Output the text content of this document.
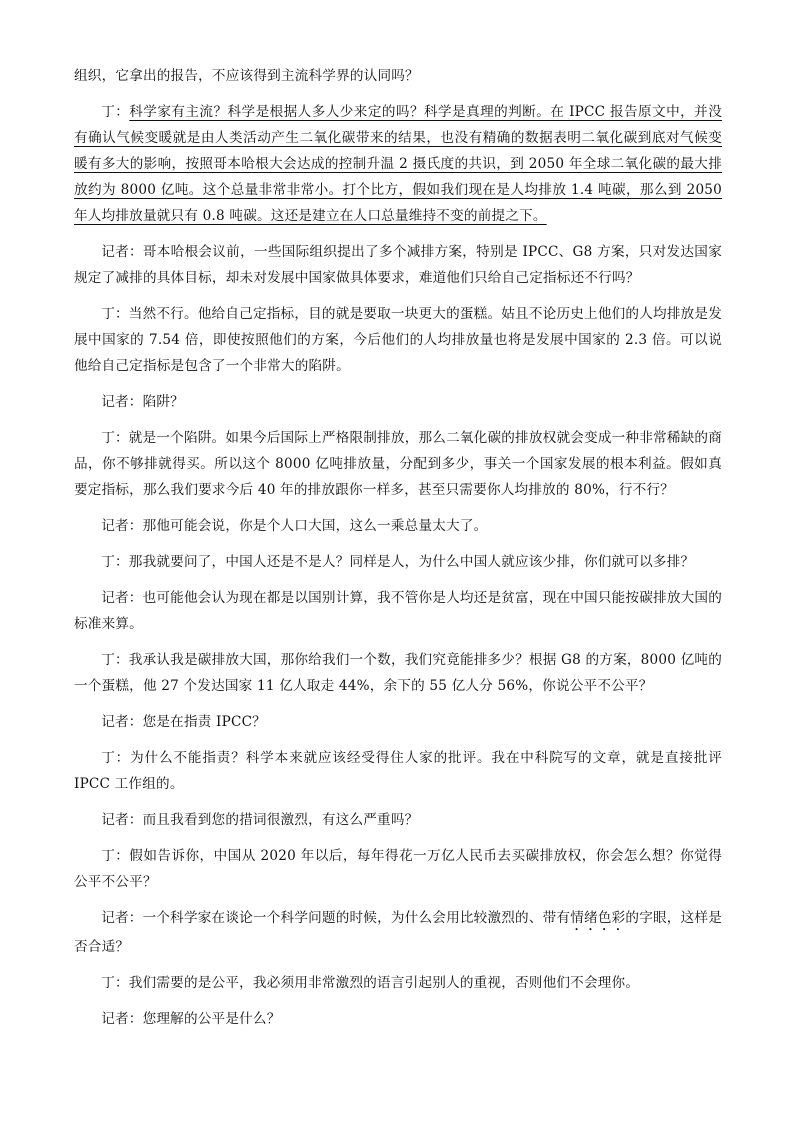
组织，它拿出的报告，不应该得到主流科学界的认同吗？

丁：科学家有主流？科学是根据人多人少来定的吗？科学是真理的判断。在 IPCC 报告原文中，并没有确认气候变暖就是由人类活动产生二氧化碳带来的结果，也没有精确的数据表明二氧化碳到底对气候变暖有多大的影响，按照哥本哈根大会达成的控制升温 2 摄氏度的共识，到 2050 年全球二氧化碳的最大排放约为 8000 亿吨。这个总量非常非常小。打个比方，假如我们现在是人均排放 1.4 吨碳，那么到 2050 年人均排放量就只有 0.8 吨碳。这还是建立在人口总量维持不变的前提之下。

记者：哥本哈根会议前，一些国际组织提出了多个减排方案，特别是 IPCC、G8 方案，只对发达国家规定了减排的具体目标，却未对发展中国家做具体要求，难道他们只给自己定指标还不行吗？

丁：当然不行。他给自己定指标，目的就是要取一块更大的蛋糕。姑且不论历史上他们的人均排放是发展中国家的 7.54 倍，即使按照他们的方案，今后他们的人均排放量也将是发展中国家的 2.3 倍。可以说他给自己定指标是包含了一个非常大的陷阱。

记者：陷阱？

丁：就是一个陷阱。如果今后国际上严格限制排放，那么二氧化碳的排放权就会变成一种非常稀缺的商品，你不够排就得买。所以这个 8000 亿吨排放量，分配到多少，事关一个国家发展的根本利益。假如真要定指标，那么我们要求今后 40 年的排放跟你一样多，甚至只需要你人均排放的 80%，行不行？

记者：那他可能会说，你是个人口大国，这么一乘总量太大了。

丁：那我就要问了，中国人还是不是人？同样是人，为什么中国人就应该少排，你们就可以多排？

记者：也可能他会认为现在都是以国别计算，我不管你是人均还是贫富，现在中国只能按碳排放大国的标准来算。

丁：我承认我是碳排放大国，那你给我们一个数，我们究竟能排多少？根据 G8 的方案，8000 亿吨的一个蛋糕，他 27 个发达国家 11 亿人取走 44%，余下的 55 亿人分 56%，你说公平不公平？

记者：您是在指责 IPCC？

丁：为什么不能指责？科学本来就应该经受得住人家的批评。我在中科院写的文章，就是直接批评 IPCC 工作组的。

记者：而且我看到您的措词很激烈，有这么严重吗？

丁：假如告诉你，中国从 2020 年以后，每年得花一万亿人民币去买碳排放权，你会怎么想？你觉得公平不公平？

记者：一个科学家在谈论一个科学问题的时候，为什么会用比较激烈的、带有情绪色彩的字眼，这样是否合适？

丁：我们需要的是公平，我必须用非常激烈的语言引起别人的重视，否则他们不会理你。

记者：您理解的公平是什么？
